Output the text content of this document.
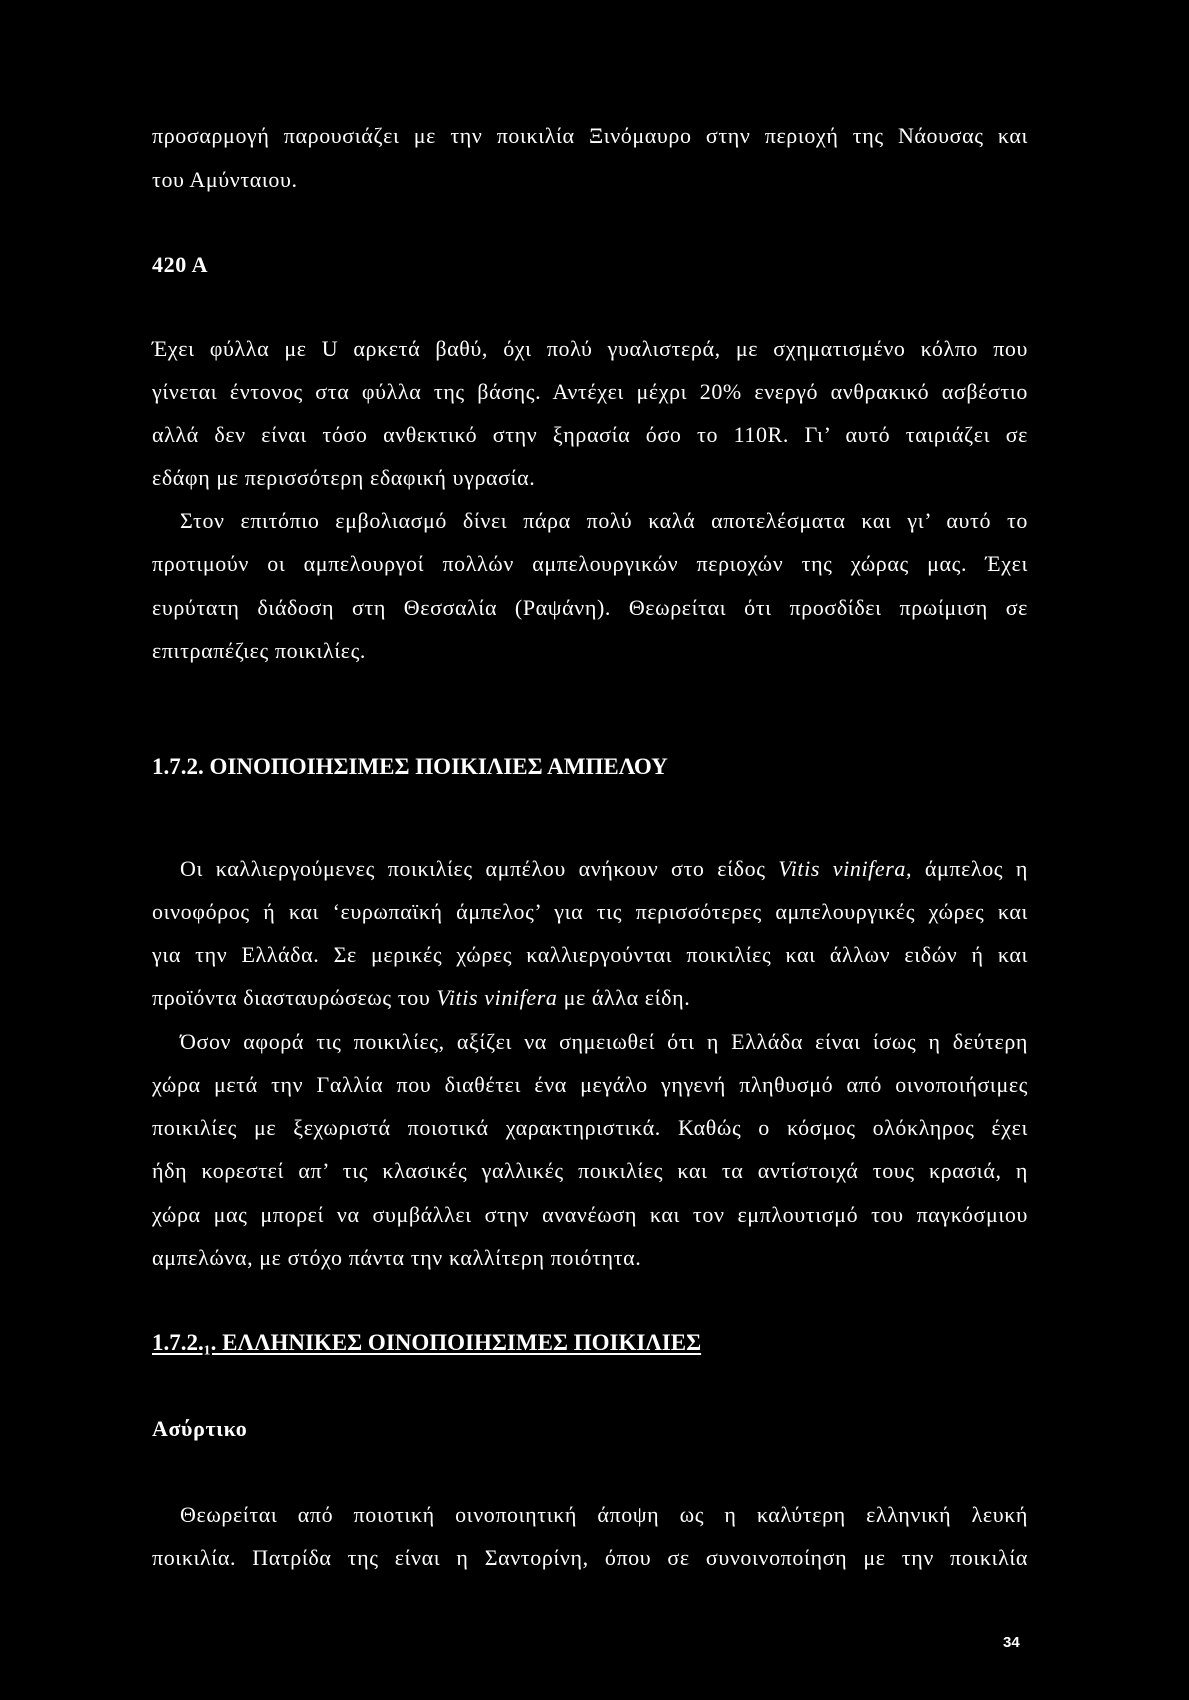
προσαρμογή παρουσιάζει με την ποικιλία Ξινόμαυρο στην περιοχή της Νάουσας και
του Αμύνταιου.
420 Α
Έχει φύλλα με U αρκετά βαθύ, όχι πολύ γυαλιστερά, με σχηματισμένο κόλπο που
γίνεται έντονος στα φύλλα της βάσης. Αντέχει μέχρι 20% ενεργό ανθρακικό ασβέστιο
αλλά δεν είναι τόσο ανθεκτικό στην ξηρασία όσο το 110R. Γι’ αυτό ταιριάζει σε
εδάφη με περισσότερη εδαφική υγρασία.
Στον επιτόπιο εμβολιασμό δίνει πάρα πολύ καλά αποτελέσματα και γι’ αυτό το
προτιμούν οι αμπελουργοί πολλών αμπελουργικών περιοχών της χώρας μας. Έχει
ευρύτατη διάδοση στη Θεσσαλία (Ραψάνη). Θεωρείται ότι προσδίδει πρωίμιση σε
επιτραπέζιες ποικιλίες.
1.7.2. ΟΙΝΟΠΟΙΗΣΙΜΕΣ ΠΟΙΚΙΛΙΕΣ ΑΜΠΕΛΟΥ
Οι καλλιεργούμενες ποικιλίες αμπέλου ανήκουν στο είδος Vitis vinifera, άμπελος η
οινοφόρος ή και ‘ευρωπαϊκή άμπελος’ για τις περισσότερες αμπελουργικές χώρες και
για την Ελλάδα. Σε μερικές χώρες καλλιεργούνται ποικιλίες και άλλων ειδών ή και
προϊόντα διασταυρώσεως του Vitis vinifera με άλλα είδη.
Όσον αφορά τις ποικιλίες, αξίζει να σημειωθεί ότι η Ελλάδα είναι ίσως η δεύτερη
χώρα μετά την Γαλλία που διαθέτει ένα μεγάλο γηγενή πληθυσμό από οινοποιήσιμες
ποικιλίες με ξεχωριστά ποιοτικά χαρακτηριστικά. Καθώς ο κόσμος ολόκληρος έχει
ήδη κορεστεί απ’ τις κλασικές γαλλικές ποικιλίες και τα αντίστοιχά τους κρασιά, η
χώρα μας μπορεί να συμβάλλει στην ανανέωση και τον εμπλουτισμό του παγκόσμιου
αμπελώνα, με στόχο πάντα την καλλίτερη ποιότητα.
1.7.2.₁. ΕΛΛΗΝΙΚΕΣ ΟΙΝΟΠΟΙΗΣΙΜΕΣ ΠΟΙΚΙΛΙΕΣ
Ασύρτικο
Θεωρείται από ποιοτική οινοποιητική άποψη ως η καλύτερη ελληνική λευκή
ποικιλία. Πατρίδα της είναι η Σαντορίνη, όπου σε συνοινοποίηση με την ποικιλία
34
